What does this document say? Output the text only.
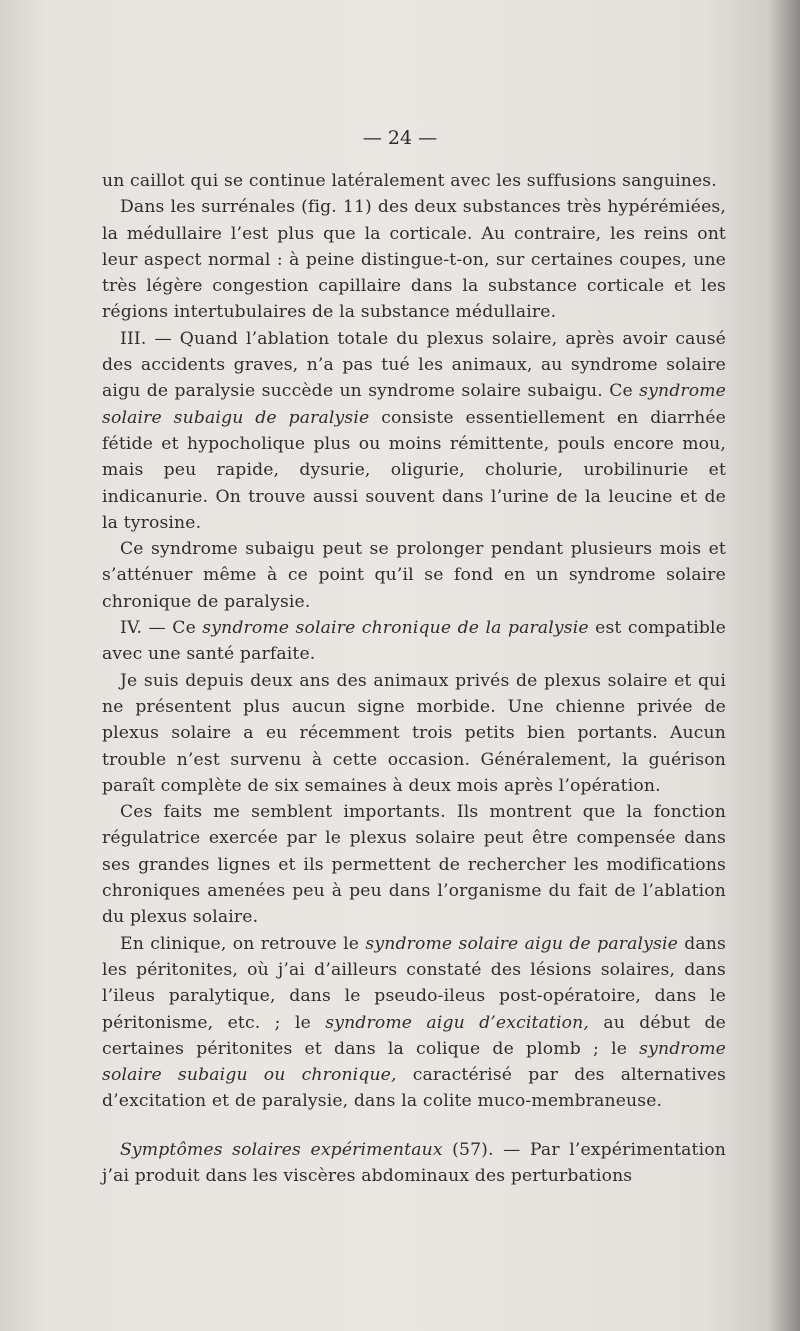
— 24 —

un caillot qui se continue latéralement avec les suffusions sanguines.

Dans les surrénales (fig. 11) des deux substances très hypérémiées, la médullaire l’est plus que la corticale. Au contraire, les reins ont leur aspect normal : à peine distingue-t-on, sur certaines coupes, une très légère congestion capillaire dans la substance corticale et les régions intertubulaires de la substance médullaire.

III. — Quand l’ablation totale du plexus solaire, après avoir causé des accidents graves, n’a pas tué les animaux, au syndrome solaire aigu de paralysie succède un syndrome solaire subaigu. Ce syndrome solaire subaigu de paralysie consiste essentiellement en diarrhée fétide et hypocholique plus ou moins rémittente, pouls encore mou, mais peu rapide, dysurie, oligurie, cholurie, urobilinurie et indicanurie. On trouve aussi souvent dans l’urine de la leucine et de la tyrosine.

Ce syndrome subaigu peut se prolonger pendant plusieurs mois et s’atténuer même à ce point qu’il se fond en un syndrome solaire chronique de paralysie.

IV. — Ce syndrome solaire chronique de la paralysie est compatible avec une santé parfaite.

Je suis depuis deux ans des animaux privés de plexus solaire et qui ne présentent plus aucun signe morbide. Une chienne privée de plexus solaire a eu récemment trois petits bien portants. Aucun trouble n’est survenu à cette occasion. Généralement, la guérison paraît complète de six semaines à deux mois après l’opération.

Ces faits me semblent importants. Ils montrent que la fonction régulatrice exercée par le plexus solaire peut être compensée dans ses grandes lignes et ils permettent de rechercher les modifications chroniques amenées peu à peu dans l’organisme du fait de l’ablation du plexus solaire.

En clinique, on retrouve le syndrome solaire aigu de paralysie dans les péritonites, où j’ai d’ailleurs constaté des lésions solaires, dans l’ileus paralytique, dans le pseudo-ileus post-opératoire, dans le péritonisme, etc. ; le syndrome aigu d’excitation, au début de certaines péritonites et dans la colique de plomb ; le syndrome solaire subaigu ou chronique, caractérisé par des alternatives d’excitation et de paralysie, dans la colite muco-membraneuse.

Symptômes solaires expérimentaux (57). — Par l’expérimentation j’ai produit dans les viscères abdominaux des perturbations
